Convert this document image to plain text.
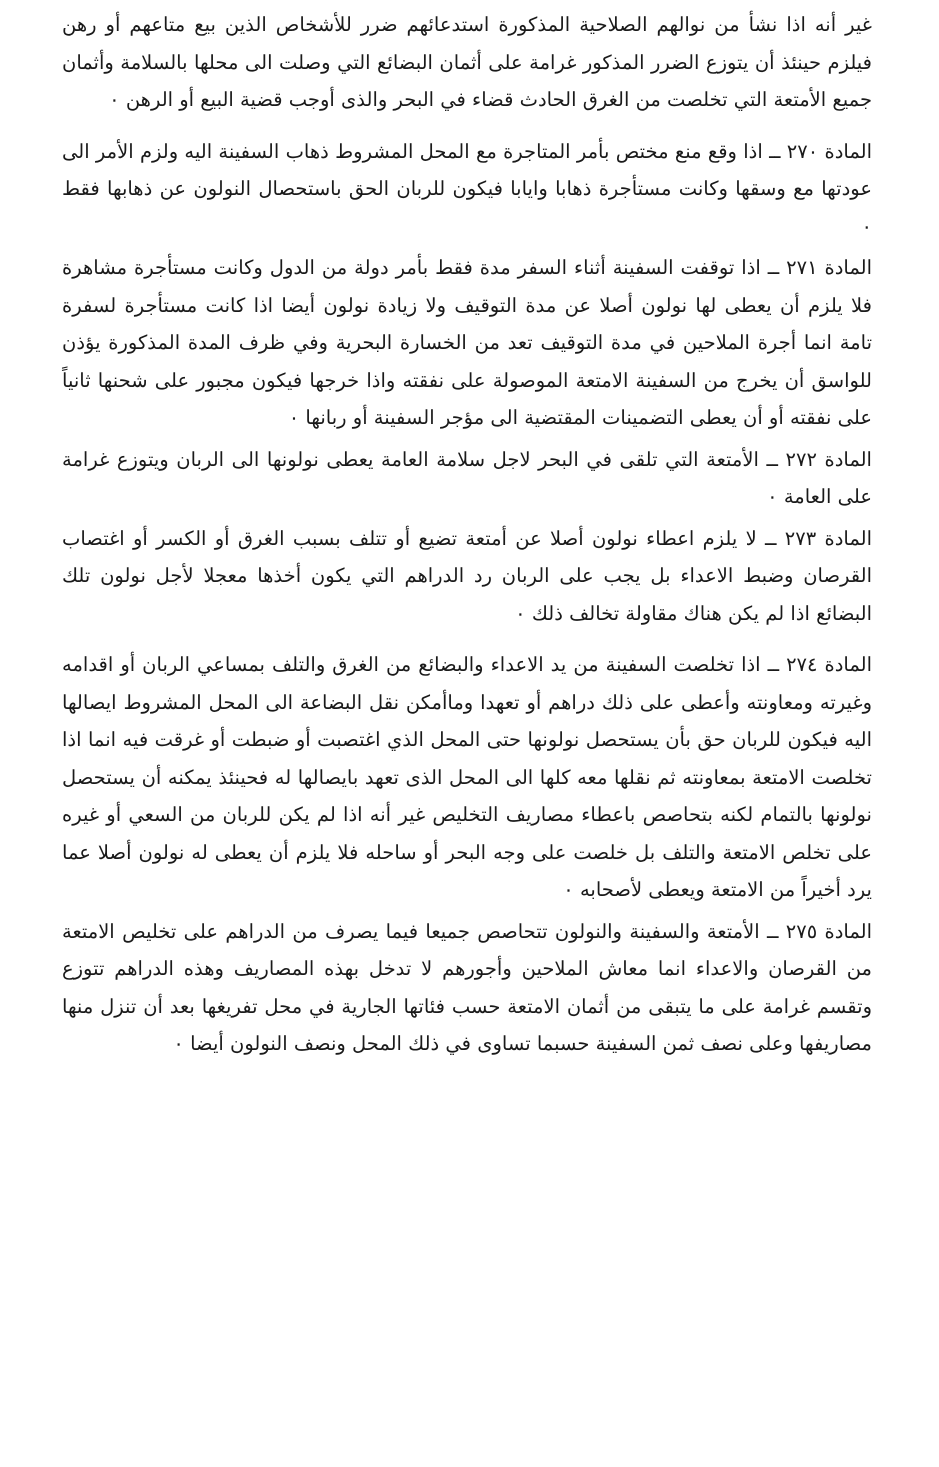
غير أنه اذا نشأ من نوالهم الصلاحية المذكورة استدعائهم ضرر للأشخاص الذين بيع متاعهم أو رهن فيلزم حينئذ أن يتوزع الضرر المذكور غرامة على أثمان البضائع التي وصلت الى محلها بالسلامة وأثمان جميع الأمتعة التي تخلصت من الغرق الحادث قضاء في البحر والذى أوجب قضية البيع أو الرهن ٠

المادة ٢٧٠ ــ اذا وقع منع مختص بأمر المتاجرة مع المحل المشروط ذهاب السفينة اليه ولزم الأمر الى عودتها مع وسقها وكانت مستأجرة ذهابا وايابا فيكون للربان الحق باستحصال النولون عن ذهابها فقط ٠

المادة ٢٧١ ــ اذا توقفت السفينة أثناء السفر مدة فقط بأمر دولة من الدول وكانت مستأجرة مشاهرة فلا يلزم أن يعطى لها نولون أصلا عن مدة التوقيف ولا زيادة نولون أيضا اذا كانت مستأجرة لسفرة تامة انما أجرة الملاحين في مدة التوقيف تعد من الخسارة البحرية وفي ظرف المدة المذكورة يؤذن للواسق أن يخرج من السفينة الامتعة الموصولة على نفقته واذا خرجها فيكون مجبور على شحنها ثانياً على نفقته أو أن يعطى التضمينات المقتضية الى مؤجر السفينة أو ربانها ٠

المادة ٢٧٢ ــ الأمتعة التي تلقى في البحر لاجل سلامة العامة يعطى نولونها الى الربان ويتوزع غرامة على العامة ٠

المادة ٢٧٣ ــ لا يلزم اعطاء نولون أصلا عن أمتعة تضيع أو تتلف بسبب الغرق أو الكسر أو اغتصاب القرصان وضبط الاعداء بل يجب على الربان رد الدراهم التي يكون أخذها معجلا لأجل نولون تلك البضائع اذا لم يكن هناك مقاولة تخالف ذلك ٠

المادة ٢٧٤ ــ اذا تخلصت السفينة من يد الاعداء والبضائع من الغرق والتلف بمساعي الربان أو اقدامه وغيرته ومعاونته وأعطى على ذلك دراهم أو تعهدا وماأمكن نقل البضاعة الى المحل المشروط ايصالها اليه فيكون للربان حق بأن يستحصل نولونها حتى المحل الذي اغتصبت أو ضبطت أو غرقت فيه انما اذا تخلصت الامتعة بمعاونته ثم نقلها معه كلها الى المحل الذى تعهد بايصالها له فحينئذ يمكنه أن يستحصل نولونها بالتمام لكنه بتحاصص باعطاء مصاريف التخليص غير أنه اذا لم يكن للربان من السعي أو غيره على تخلص الامتعة والتلف بل خلصت على وجه البحر أو ساحله فلا يلزم أن يعطى له نولون أصلا عما يرد أخيراً من الامتعة ويعطى لأصحابه ٠

المادة ٢٧٥ ــ الأمتعة والسفينة والنولون تتحاصص جميعا فيما يصرف من الدراهم على تخليص الامتعة من القرصان والاعداء انما معاش الملاحين وأجورهم لا تدخل بهذه المصاريف وهذه الدراهم تتوزع وتقسم غرامة على ما يتبقى من أثمان الامتعة حسب فئاتها الجارية في محل تفريغها بعد أن تنزل منها مصاريفها وعلى نصف ثمن السفينة حسبما تساوى في ذلك المحل ونصف النولون أيضا ٠
